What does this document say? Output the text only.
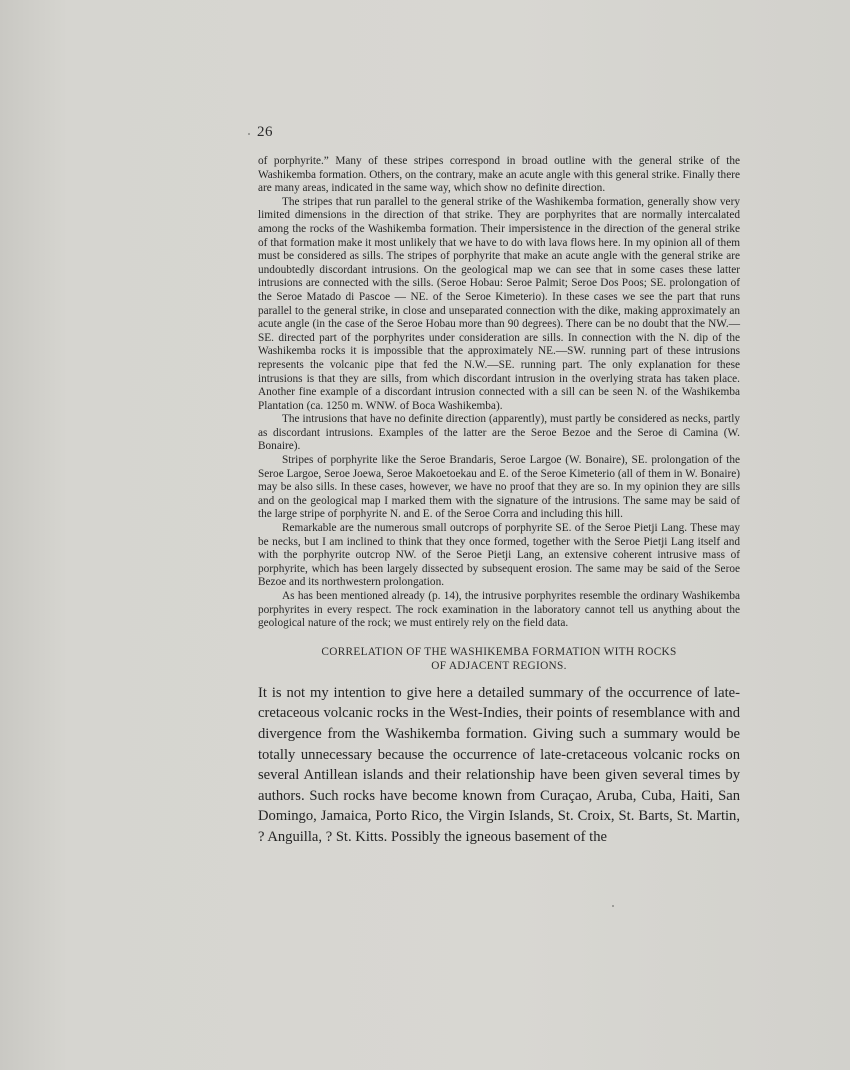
26

of porphyrite.” Many of these stripes correspond in broad outline with the general strike of the Washikemba formation. Others, on the contrary, make an acute angle with this general strike. Finally there are many areas, indicated in the same way, which show no definite direction.

The stripes that run parallel to the general strike of the Washikemba formation, generally show very limited dimensions in the direction of that strike. They are porphyrites that are normally intercalated among the rocks of the Washikemba formation. Their impersistence in the direction of the general strike of that formation make it most unlikely that we have to do with lava flows here. In my opinion all of them must be considered as sills. The stripes of porphyrite that make an acute angle with the general strike are undoubtedly discordant intrusions. On the geological map we can see that in some cases these latter intrusions are connected with the sills. (Seroe Hobau: Seroe Palmit; Seroe Dos Poos; SE. prolongation of the Seroe Matado di Pascoe — NE. of the Seroe Kimeterio). In these cases we see the part that runs parallel to the general strike, in close and unseparated connection with the dike, making approximately an acute angle (in the case of the Seroe Hobau more than 90 degrees). There can be no doubt that the NW.—SE. directed part of the porphyrites under consideration are sills. In connection with the N. dip of the Washikemba rocks it is impossible that the approximately NE.—SW. running part of these intrusions represents the volcanic pipe that fed the N.W.—SE. running part. The only explanation for these intrusions is that they are sills, from which discordant intrusion in the overlying strata has taken place. Another fine example of a discordant intrusion connected with a sill can be seen N. of the Washikemba Plantation (ca. 1250 m. WNW. of Boca Washikemba).

The intrusions that have no definite direction (apparently), must partly be considered as necks, partly as discordant intrusions. Examples of the latter are the Seroe Bezoe and the Seroe di Camina (W. Bonaire).

Stripes of porphyrite like the Seroe Brandaris, Seroe Largoe (W. Bonaire), SE. prolongation of the Seroe Largoe, Seroe Joewa, Seroe Makoetoekau and E. of the Seroe Kimeterio (all of them in W. Bonaire) may be also sills. In these cases, however, we have no proof that they are so. In my opinion they are sills and on the geological map I marked them with the signature of the intrusions. The same may be said of the large stripe of porphyrite N. and E. of the Seroe Corra and including this hill.

Remarkable are the numerous small outcrops of porphyrite SE. of the Seroe Pietji Lang. These may be necks, but I am inclined to think that they once formed, together with the Seroe Pietji Lang itself and with the porphyrite outcrop NW. of the Seroe Pietji Lang, an extensive coherent intrusive mass of porphyrite, which has been largely dissected by subsequent erosion. The same may be said of the Seroe Bezoe and its northwestern prolongation.

As has been mentioned already (p. 14), the intrusive porphyrites resemble the ordinary Washikemba porphyrites in every respect. The rock examination in the laboratory cannot tell us anything about the geological nature of the rock; we must entirely rely on the field data.

CORRELATION OF THE WASHIKEMBA FORMATION WITH ROCKS
OF ADJACENT REGIONS.

It is not my intention to give here a detailed summary of the occurrence of late-cretaceous volcanic rocks in the West-Indies, their points of resemblance with and divergence from the Washikemba formation. Giving such a summary would be totally unnecessary because the occurrence of late-cretaceous volcanic rocks on several Antillean islands and their relationship have been given several times by authors. Such rocks have become known from Curaçao, Aruba, Cuba, Haiti, San Domingo, Jamaica, Porto Rico, the Virgin Islands, St. Croix, St. Barts, St. Martin, ? Anguilla, ? St. Kitts. Possibly the igneous basement of the
